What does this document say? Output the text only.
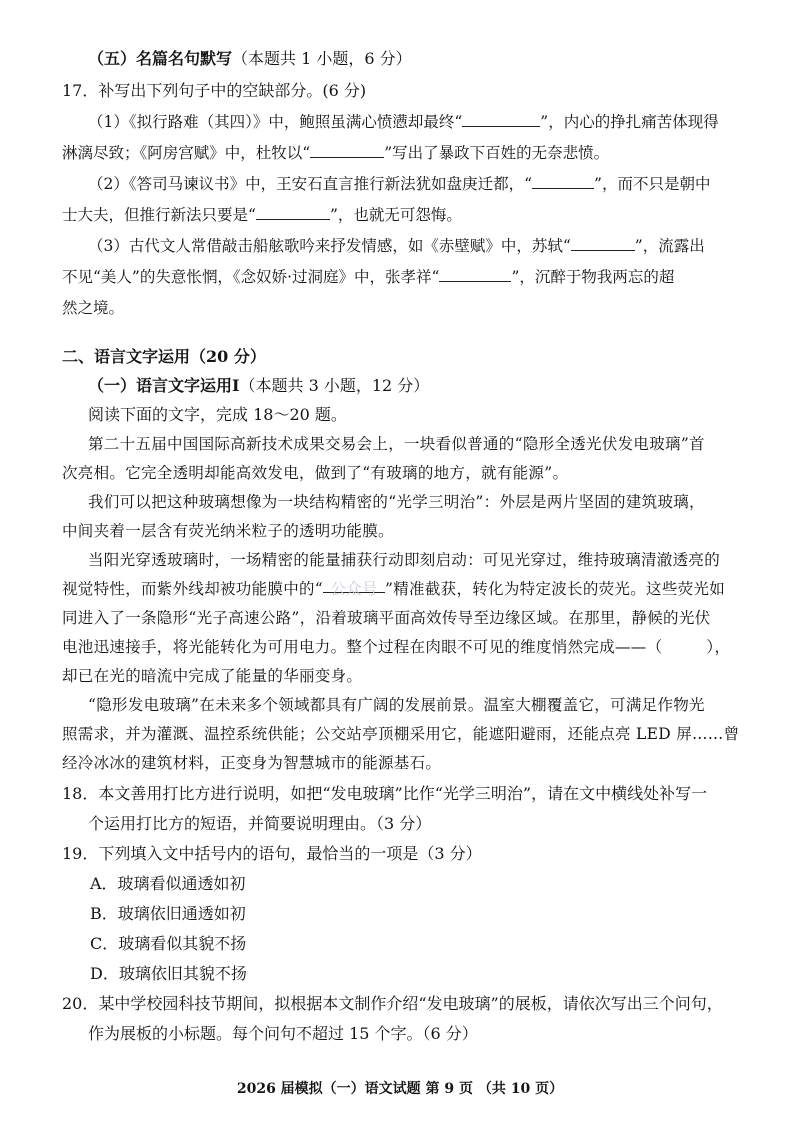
（五）名篇名句默写（本题共 1 小题，6 分）
17．补写出下列句子中的空缺部分。(6 分)
（1）《拟行路难（其四）》中，鲍照虽满心愤懑却最终“	”，内心的挣扎痛苦体现得
淋漓尽致；《阿房宫赋》中，杜牧以“	”写出了暴政下百姓的无奈悲愤。
（2）《答司马谏议书》中，王安石直言推行新法犹如盘庚迁都，“	”，而不只是朝中
士大夫，但推行新法只要是“	”，也就无可怨悔。
（3）古代文人常借敲击船舷歌吟来抒发情感，如《赤壁赋》中，苏轼“	”，流露出
不见“美人”的失意怅惘，《念奴娇·过洞庭》中，张孝祥“	”，沉醉于物我两忘的超
然之境。
二、语言文字运用（20 分）
（一）语言文字运用Ⅰ（本题共 3 小题，12 分）
阅读下面的文字，完成 18～20 题。
第二十五届中国国际高新技术成果交易会上，一块看似普通的“隐形全透光伏发电玻璃”首
次亮相。它完全透明却能高效发电，做到了“有玻璃的地方，就有能源”。
我们可以把这种玻璃想像为一块结构精密的“光学三明治”：外层是两片坚固的建筑玻璃，
中间夹着一层含有荧光纳米粒子的透明功能膜。
当阳光穿透玻璃时，一场精密的能量捕获行动即刻启动：可见光穿过，维持玻璃清澈透亮的
视觉特性，而紫外线却被功能膜中的“ 公众号 ”精准截获，转化为特定波长的荧光。这些荧光如
同进入了一条隐形“光子高速公路”，沿着玻璃平面高效传导至边缘区域。在那里，静候的光伏
电池迅速接手，将光能转化为可用电力。整个过程在肉眼不可见的维度悄然完成——（	），
却已在光的暗流中完成了能量的华丽变身。
“隐形发电玻璃”在未来多个领域都具有广阔的发展前景。温室大棚覆盖它，可满足作物光
照需求，并为灌溉、温控系统供能；公交站亭顶棚采用它，能遮阳避雨，还能点亮 LED 屏……曾
经冷冰冰的建筑材料，正变身为智慧城市的能源基石。
18．本文善用打比方进行说明，如把“发电玻璃”比作“光学三明治”，请在文中横线处补写一
个运用打比方的短语，并简要说明理由。（3 分）
19．下列填入文中括号内的语句，最恰当的一项是（3 分）
A．玻璃看似通透如初
B．玻璃依旧通透如初
C．玻璃看似其貌不扬
D．玻璃依旧其貌不扬
20．某中学校园科技节期间，拟根据本文制作介绍“发电玻璃”的展板，请依次写出三个问句，
作为展板的小标题。每个问句不超过 15 个字。（6 分）
2026 届模拟（一）语文试题 第 9 页 （共 10 页）
